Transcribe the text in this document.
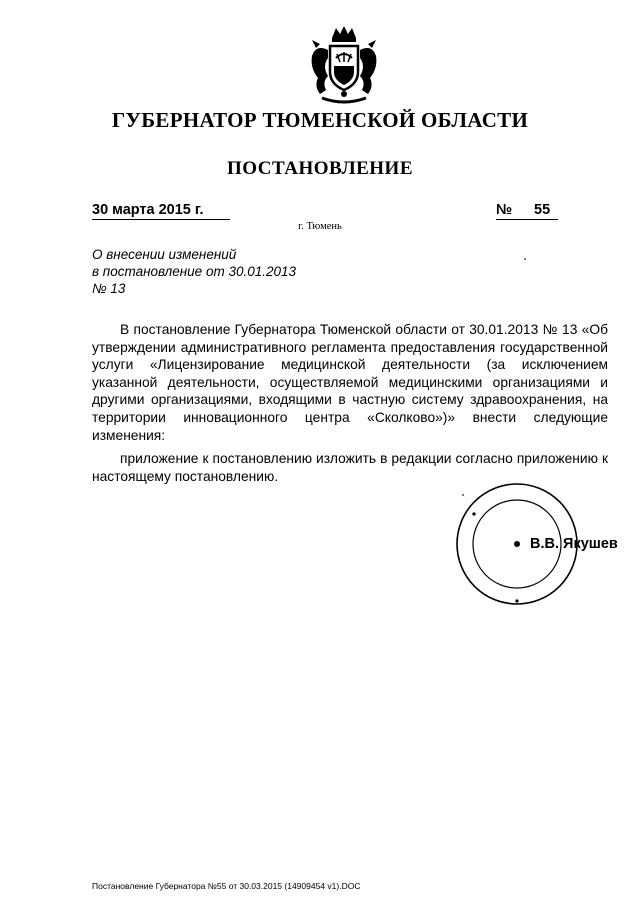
ГУБЕРНАТОР ТЮМЕНСКОЙ ОБЛАСТИ
ПОСТАНОВЛЕНИЕ
30 марта 2015 г.	№ 55
г. Тюмень
О внесении изменений
в постановление от 30.01.2013
№ 13

В постановление Губернатора Тюменской области от 30.01.2013 № 13 «Об утверждении административного регламента предоставления государственной услуги «Лицензирование медицинской деятельности (за исключением указанной деятельности, осуществляемой медицинскими организациями и другими организациями, входящими в частную систему здравоохранения, на территории инновационного центра «Сколково»)» внести следующие изменения:

приложение к постановлению изложить в редакции согласно приложению к настоящему постановлению.

В.В. Якушев
Постановление Губернатора №55 от 30.03.2015 (14909454 v1).DOC
